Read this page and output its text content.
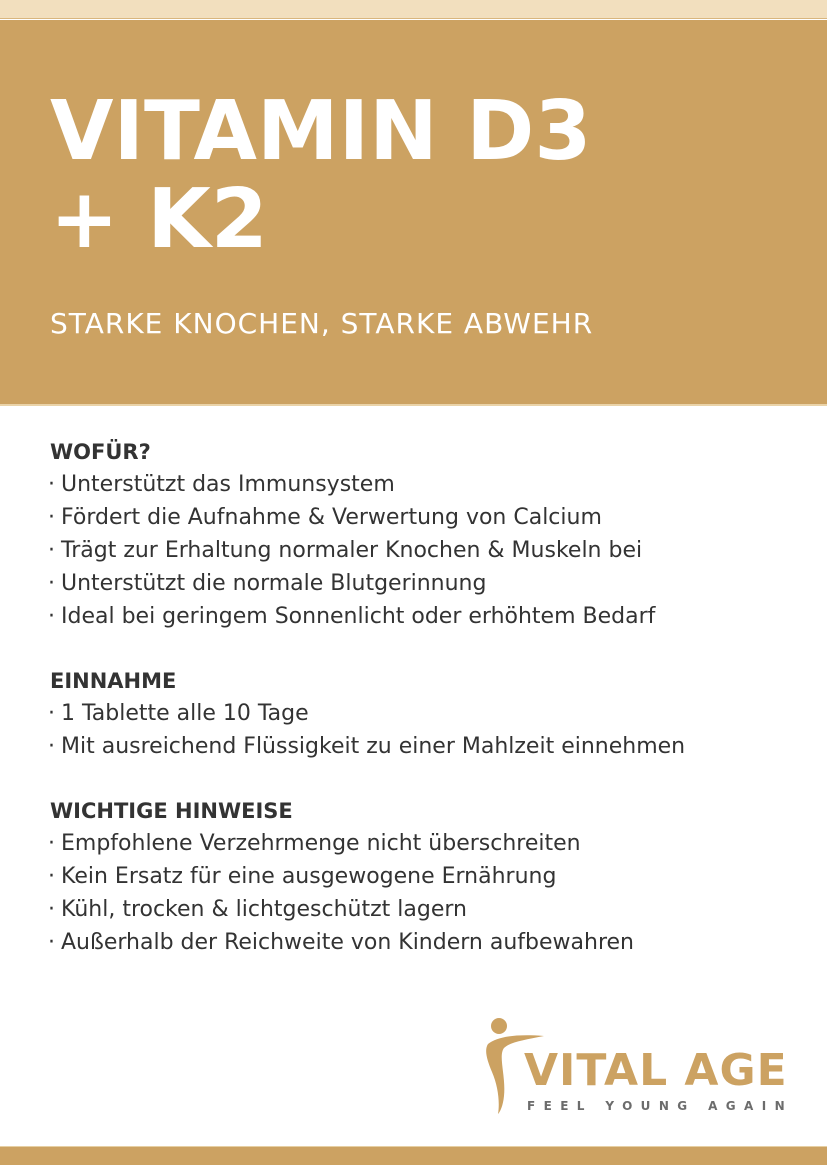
VITAMIN D3
+ K2
STARKE KNOCHEN, STARKE ABWEHR
WOFÜR?
· Unterstützt das Immunsystem
· Fördert die Aufnahme & Verwertung von Calcium
· Trägt zur Erhaltung normaler Knochen & Muskeln bei
· Unterstützt die normale Blutgerinnung
· Ideal bei geringem Sonnenlicht oder erhöhtem Bedarf
EINNAHME
· 1 Tablette alle 10 Tage
· Mit ausreichend Flüssigkeit zu einer Mahlzeit einnehmen
WICHTIGE HINWEISE
· Empfohlene Verzehrmenge nicht überschreiten
· Kein Ersatz für eine ausgewogene Ernährung
· Kühl, trocken & lichtgeschützt lagern
· Außerhalb der Reichweite von Kindern aufbewahren
VITAL AGE
FEEL YOUNG AGAIN
